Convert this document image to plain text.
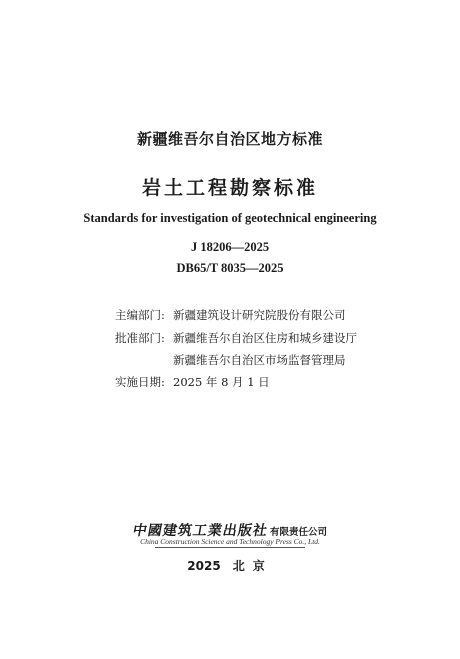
新疆维吾尔自治区地方标准
岩土工程勘察标准
Standards for investigation of geotechnical engineering
J 18206—2025
DB65/T 8035—2025
主编部门: 新疆建筑设计研究院股份有限公司
批准部门: 新疆维吾尔自治区住房和城乡建设厅
新疆维吾尔自治区市场监督管理局
实施日期: 2025 年 8 月 1 日
中國建筑工業出版社有限责任公司
China Construction Science and Technology Press Co., Ltd.
2025 北京
